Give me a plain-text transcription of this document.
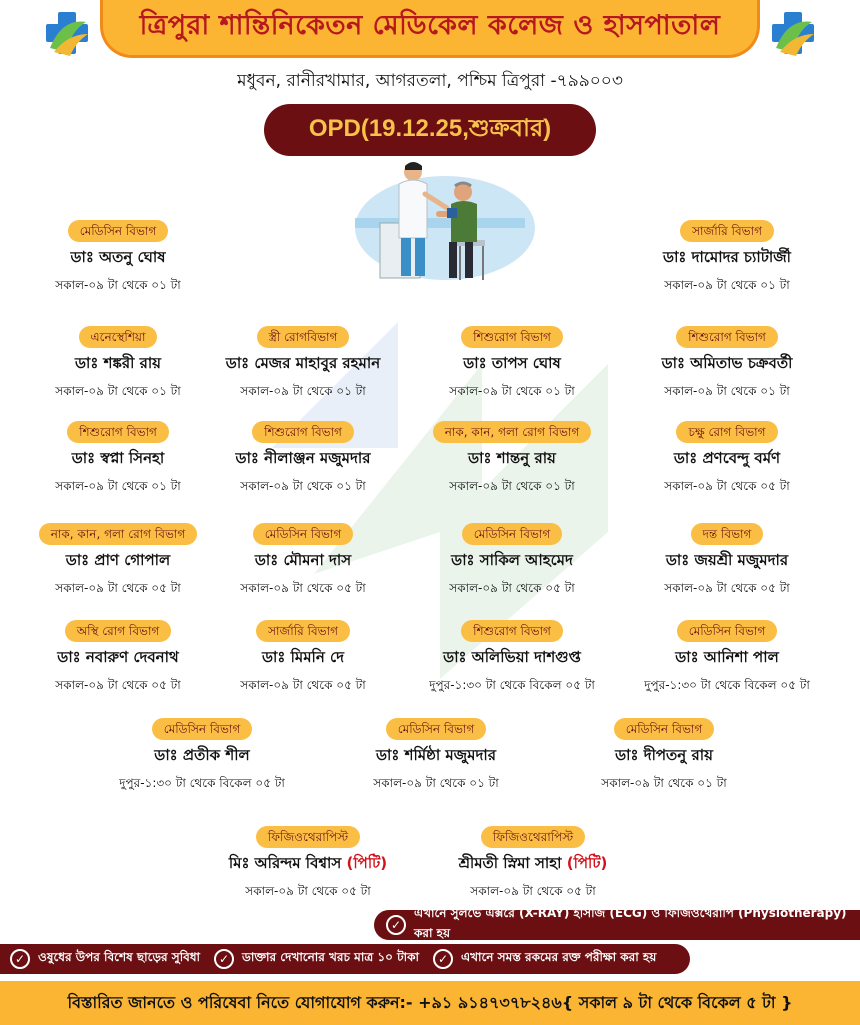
ত্রিপুরা শান্তিনিকেতন মেডিকেল কলেজ ও হাসপাতাল
মধুবন, রানীরখামার, আগরতলা, পশ্চিম ত্রিপুরা -৭৯৯০০৩
OPD(19.12.25,শুক্রবার)
মেডিসিন বিভাগ
ডাঃ অতনু ঘোষ
সকাল-০৯ টা থেকে ০১ টা
সার্জারি বিভাগ
ডাঃ দামোদর চ্যাটার্জী
সকাল-০৯ টা থেকে ০১ টা
এনেস্থেশিয়া
ডাঃ শঙ্করী রায়
সকাল-০৯ টা থেকে ০১ টা
স্ত্রী রোগবিভাগ
ডাঃ মেজর মাহাবুর রহমান
সকাল-০৯ টা থেকে ০১ টা
শিশুরোগ বিভাগ
ডাঃ তাপস ঘোষ
সকাল-০৯ টা থেকে ০১ টা
শিশুরোগ বিভাগ
ডাঃ অমিতাভ চক্রবর্তী
সকাল-০৯ টা থেকে ০১ টা
শিশুরোগ বিভাগ
ডাঃ স্বপ্না সিনহা
সকাল-০৯ টা থেকে ০১ টা
শিশুরোগ বিভাগ
ডাঃ নীলাঞ্জন মজুমদার
সকাল-০৯ টা থেকে ০১ টা
নাক, কান, গলা রোগ বিভাগ
ডাঃ শান্তনু রায়
সকাল-০৯ টা থেকে ০১ টা
চক্ষু রোগ বিভাগ
ডাঃ প্রণবেন্দু বর্মণ
সকাল-০৯ টা থেকে ০৫ টা
নাক, কান, গলা রোগ বিভাগ
ডাঃ প্রাণ গোপাল
সকাল-০৯ টা থেকে ০৫ টা
মেডিসিন বিভাগ
ডাঃ মৌমনা দাস
সকাল-০৯ টা থেকে ০৫ টা
মেডিসিন বিভাগ
ডাঃ সাকিল আহমেদ
সকাল-০৯ টা থেকে ০৫ টা
দন্ত বিভাগ
ডাঃ জয়শ্রী মজুমদার
সকাল-০৯ টা থেকে ০৫ টা
অস্থি রোগ বিভাগ
ডাঃ নবারুণ দেবনাথ
সকাল-০৯ টা থেকে ০৫ টা
সার্জারি বিভাগ
ডাঃ মিমনি দে
সকাল-০৯ টা থেকে ০৫ টা
শিশুরোগ বিভাগ
ডাঃ অলিভিয়া দাশগুপ্ত
দুপুর-১:৩০ টা থেকে বিকেল ০৫ টা
মেডিসিন বিভাগ
ডাঃ আনিশা পাল
দুপুর-১:৩০ টা থেকে বিকেল ০৫ টা
মেডিসিন বিভাগ
ডাঃ প্রতীক শীল
দুপুর-১:৩০ টা থেকে বিকেল ০৫ টা
মেডিসিন বিভাগ
ডাঃ শর্মিষ্ঠা মজুমদার
সকাল-০৯ টা থেকে ০১ টা
মেডিসিন বিভাগ
ডাঃ দীপতনু রায়
সকাল-০৯ টা থেকে ০১ টা
ফিজিওথেরাপিস্ট
মিঃ অরিন্দম বিশ্বাস (পিটি)
সকাল-০৯ টা থেকে ০৫ টা
ফিজিওথেরাপিস্ট
শ্রীমতী স্নিমা সাহা (পিটি)
সকাল-০৯ টা থেকে ০৫ টা
✓
এখানে সুলভে এক্সরে (X-RAY) ইসিজি (ECG) ও ফিজিওথেরাপি (Physiotherapy) করা হয়
✓	ওষুধের উপর বিশেষ ছাড়ের সুবিধা	✓	ডাক্তার দেখানোর খরচ মাত্র ১০ টাকা	✓	এখানে সমস্ত রকমের রক্ত পরীক্ষা করা হয়
বিস্তারিত জানতে ও পরিষেবা নিতে যোগাযোগ করুন:- +৯১ ৯১৪৭৩৭৮২৪৬{ সকাল ৯ টা থেকে বিকেল ৫ টা }
